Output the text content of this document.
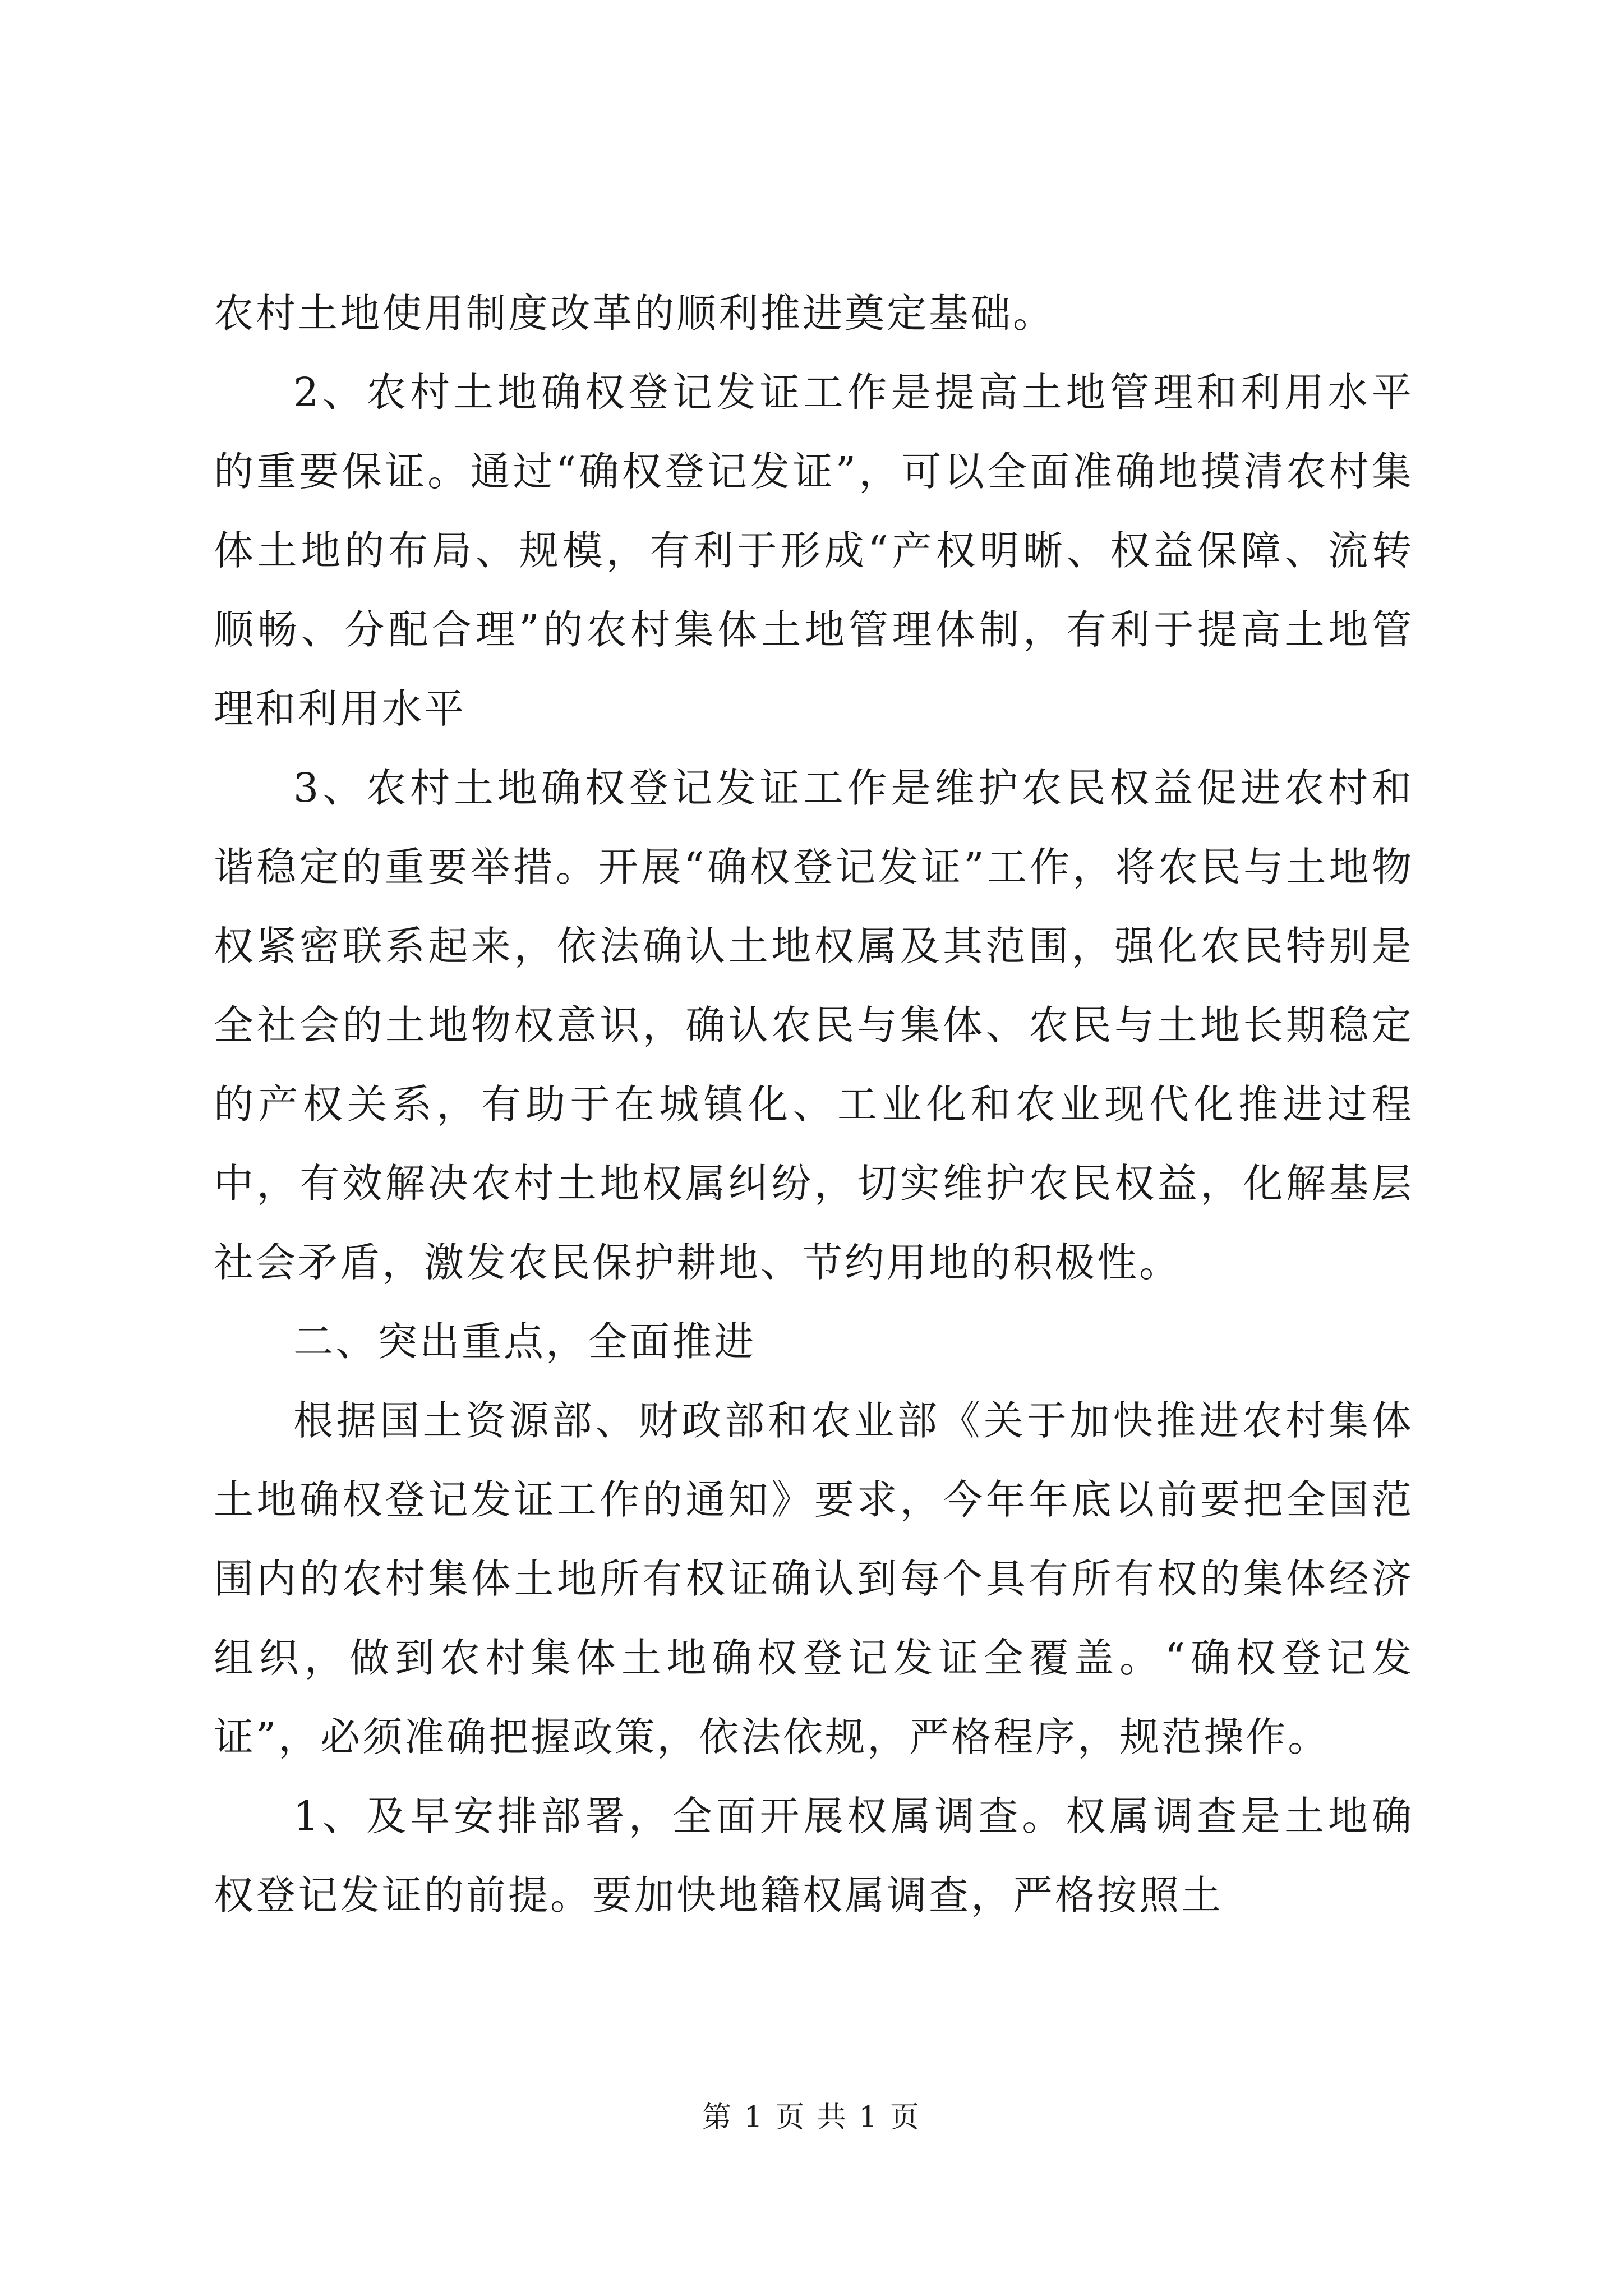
农村土地使用制度改革的顺利推进奠定基础。

2、农村土地确权登记发证工作是提高土地管理和利用水平的重要保证。通过“确权登记发证”，可以全面准确地摸清农村集体土地的布局、规模，有利于形成“产权明晰、权益保障、流转顺畅、分配合理”的农村集体土地管理体制，有利于提高土地管理和利用水平

3、农村土地确权登记发证工作是维护农民权益促进农村和谐稳定的重要举措。开展“确权登记发证”工作，将农民与土地物权紧密联系起来，依法确认土地权属及其范围，强化农民特别是全社会的土地物权意识，确认农民与集体、农民与土地长期稳定的产权关系，有助于在城镇化、工业化和农业现代化推进过程中，有效解决农村土地权属纠纷，切实维护农民权益，化解基层社会矛盾，激发农民保护耕地、节约用地的积极性。

二、突出重点，全面推进

根据国土资源部、财政部和农业部《关于加快推进农村集体土地确权登记发证工作的通知》要求，今年年底以前要把全国范围内的农村集体土地所有权证确认到每个具有所有权的集体经济组织，做到农村集体土地确权登记发证全覆盖。“确权登记发证”，必须准确把握政策，依法依规，严格程序，规范操作。

1、及早安排部署，全面开展权属调查。权属调查是土地确权登记发证的前提。要加快地籍权属调查，严格按照土

第 1 页 共 1 页
